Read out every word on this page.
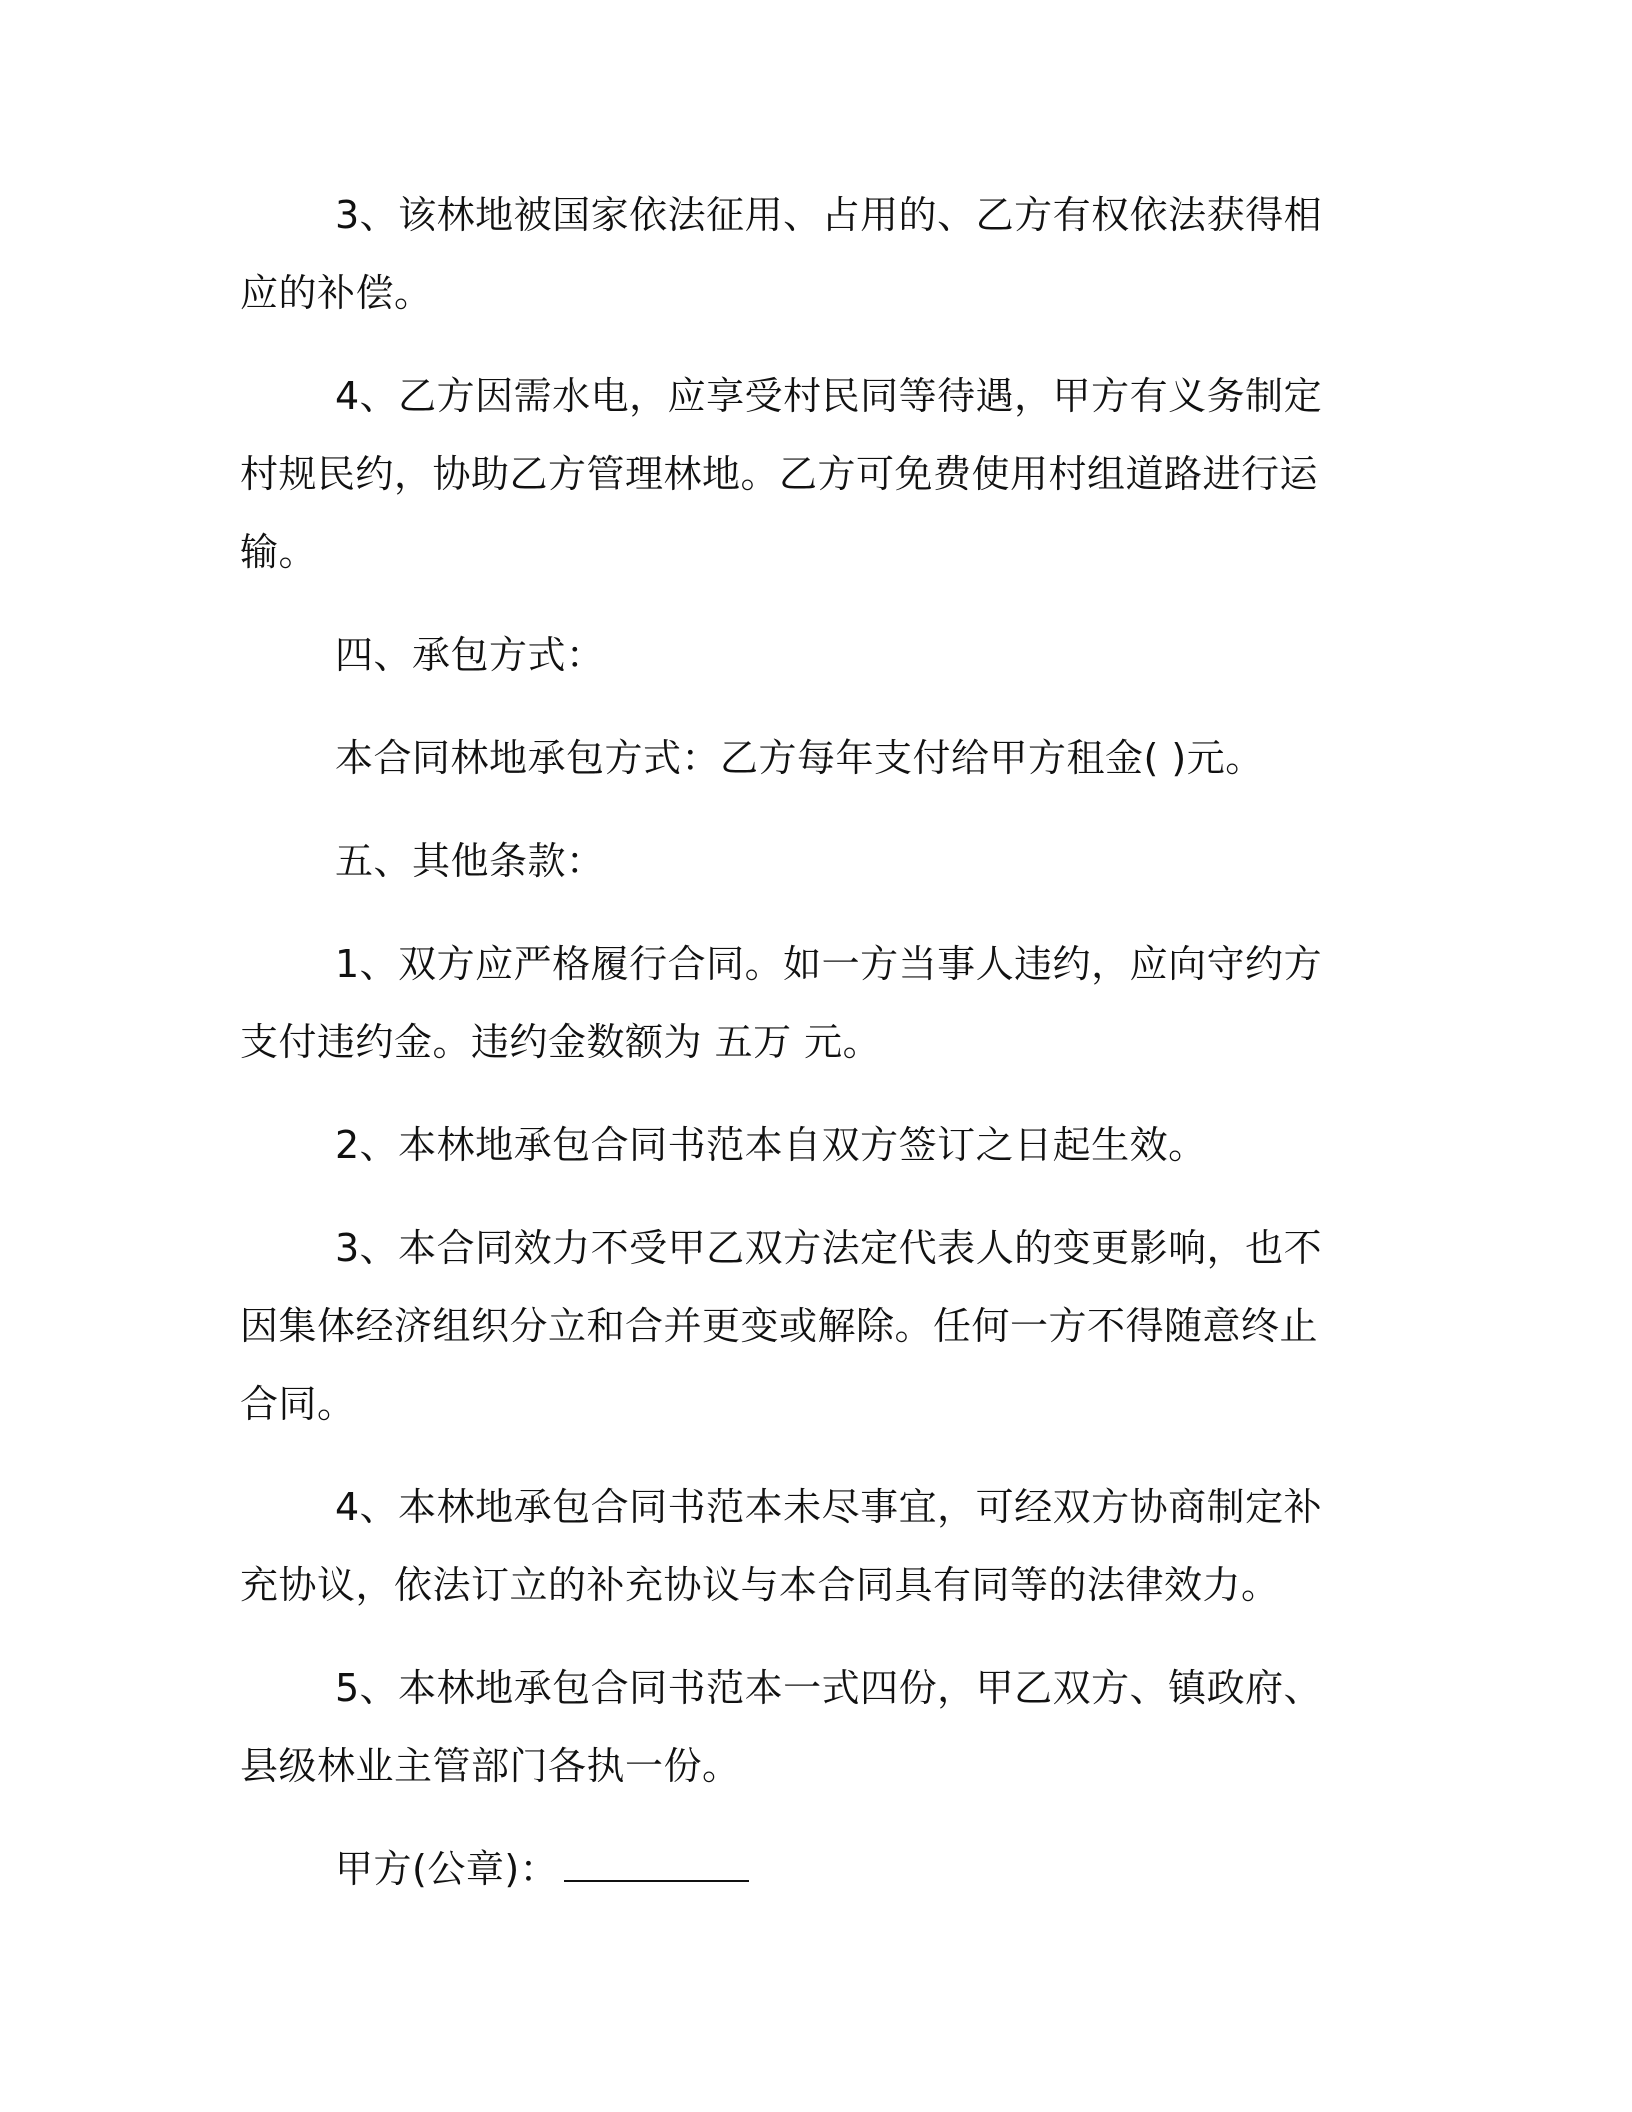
3、该林地被国家依法征用、占用的、乙方有权依法获得相应的补偿。

4、乙方因需水电，应享受村民同等待遇，甲方有义务制定村规民约，协助乙方管理林地。乙方可免费使用村组道路进行运输。

四、承包方式：

本合同林地承包方式：乙方每年支付给甲方租金( )元。

五、其他条款：

1、双方应严格履行合同。如一方当事人违约，应向守约方支付违约金。违约金数额为 五万 元。

2、本林地承包合同书范本自双方签订之日起生效。

3、本合同效力不受甲乙双方法定代表人的变更影响，也不因集体经济组织分立和合并更变或解除。任何一方不得随意终止合同。

4、本林地承包合同书范本未尽事宜，可经双方协商制定补充协议，依法订立的补充协议与本合同具有同等的法律效力。

5、本林地承包合同书范本一式四份，甲乙双方、镇政府、县级林业主管部门各执一份。

甲方(公章)：
